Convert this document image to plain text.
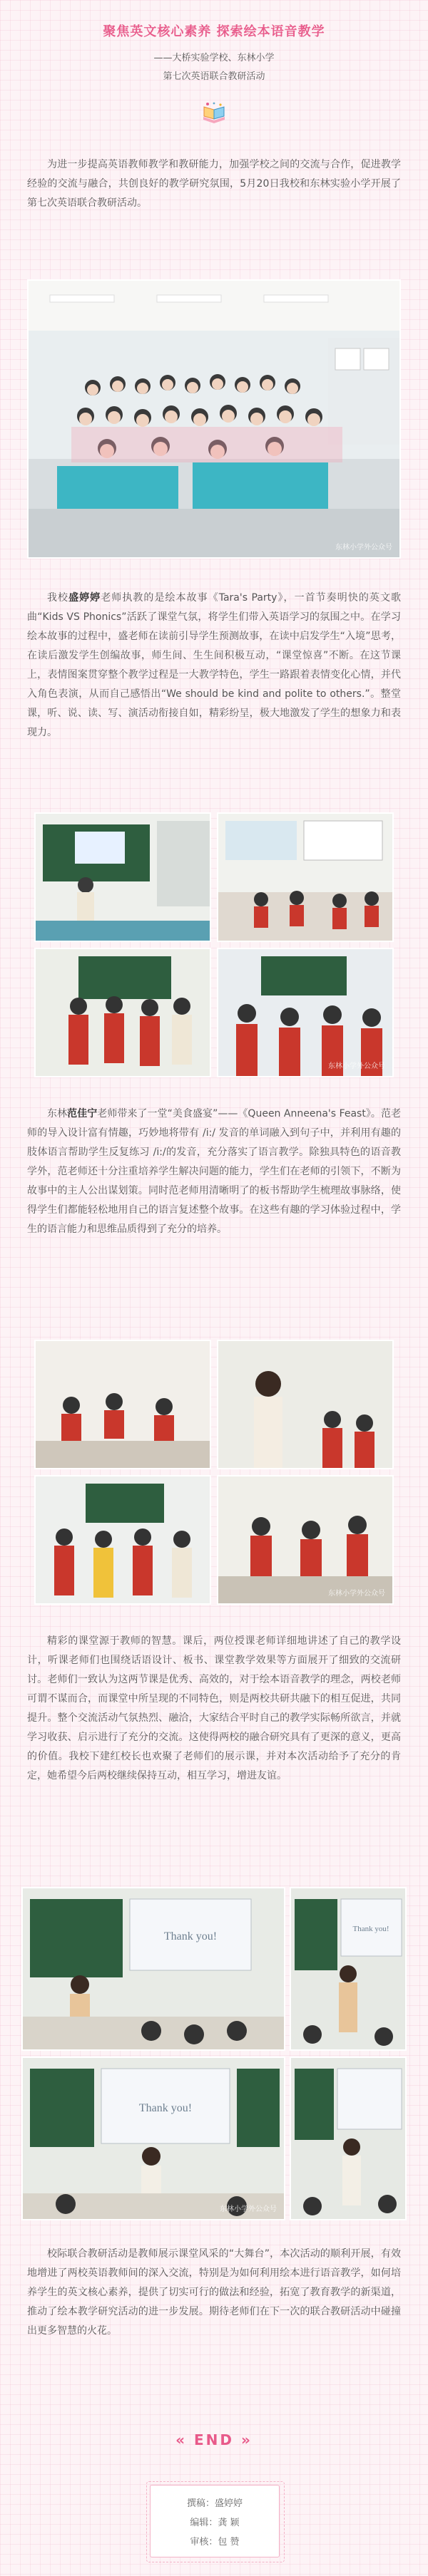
聚焦英文核心素养 探索绘本语音教学
——大桥实验学校、东林小学
第七次英语联合教研活动

为进一步提高英语教师教学和教研能力，加强学校之间的交流与合作，促进教学经验的交流与融合，共创良好的教学研究氛围，5月20日我校和东林实验小学开展了第七次英语联合教研活动。

东林小学外公众号

我校盛婷婷老师执教的是绘本故事《Tara's Party》，一首节奏明快的英文歌曲“Kids VS Phonics”活跃了课堂气氛，将学生们带入英语学习的氛围之中。在学习绘本故事的过程中，盛老师在读前引导学生预测故事，在读中启发学生“入境”思考，在读后激发学生创编故事，师生间、生生间积极互动，“课堂惊喜”不断。在这节课上，表情图案贯穿整个教学过程是一大教学特色，学生一路跟着表情变化心情，并代入角色表演，从而自己感悟出“We should be kind and polite to others.”。整堂课，听、说、读、写、演活动衔接自如，精彩纷呈，极大地激发了学生的想象力和表现力。

东林小学外公众号

东林范佳宁老师带来了一堂“美食盛宴”——《Queen Anneena's Feast》。范老师的导入设计富有情趣，巧妙地将带有 /i:/ 发音的单词融入到句子中，并利用有趣的肢体语言帮助学生反复练习 /i:/的发音，充分落实了语言教学。除独具特色的语音教学外，范老师还十分注重培养学生解决问题的能力，学生们在老师的引领下，不断为故事中的主人公出谋划策。同时范老师用清晰明了的板书帮助学生梳理故事脉络，使得学生们都能轻松地用自己的语言复述整个故事。在这些有趣的学习体验过程中，学生的语言能力和思维品质得到了充分的培养。

东林小学外公众号

精彩的课堂源于教师的智慧。课后，两位授课老师详细地讲述了自己的教学设计，听课老师们也围绕话语设计、板书、课堂教学效果等方面展开了细致的交流研讨。老师们一致认为这两节课是优秀、高效的，对于绘本语音教学的理念，两校老师可谓不谋而合，而课堂中所呈现的不同特色，则是两校共研共融下的相互促进，共同提升。整个交流活动气氛热烈、融洽，大家结合平时自己的教学实际畅所欲言，并就学习收获、启示进行了充分的交流。这使得两校的融合研究具有了更深的意义，更高的价值。我校下建红校长也欢聚了老师们的展示课，并对本次活动给予了充分的肯定，她希望今后两校继续保持互动，相互学习，增进友谊。

Thank you!
Thank you!
Thank you!
东林小学外公众号

校际联合教研活动是教师展示课堂风采的“大舞台”，本次活动的顺利开展，有效地增进了两校英语教师间的深入交流，特别是为如何利用绘本进行语音教学，如何培养学生的英文核心素养，提供了切实可行的做法和经验，拓宽了教育教学的新渠道，推动了绘本教学研究活动的进一步发展。期待老师们在下一次的联合教研活动中碰撞出更多智慧的火花。

« END »
撰稿：盛婷婷
编辑：龚 颖
审核：包 赞
